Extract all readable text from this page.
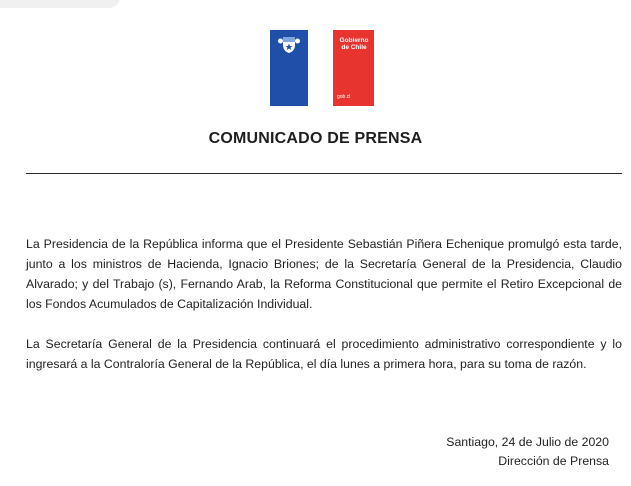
Gobierno
de Chile
gob.cl
COMUNICADO DE PRENSA
La Presidencia de la República informa que el Presidente Sebastián Piñera Echenique promulgó esta tarde, junto a los ministros de Hacienda, Ignacio Briones; de la Secretaría General de la Presidencia, Claudio Alvarado; y del Trabajo (s), Fernando Arab, la Reforma Constitucional que permite el Retiro Excepcional de los Fondos Acumulados de Capitalización Individual.
La Secretaría General de la Presidencia continuará el procedimiento administrativo correspondiente y lo ingresará a la Contraloría General de la República, el día lunes a primera hora, para su toma de razón.
Santiago, 24 de Julio de 2020
Dirección de Prensa
